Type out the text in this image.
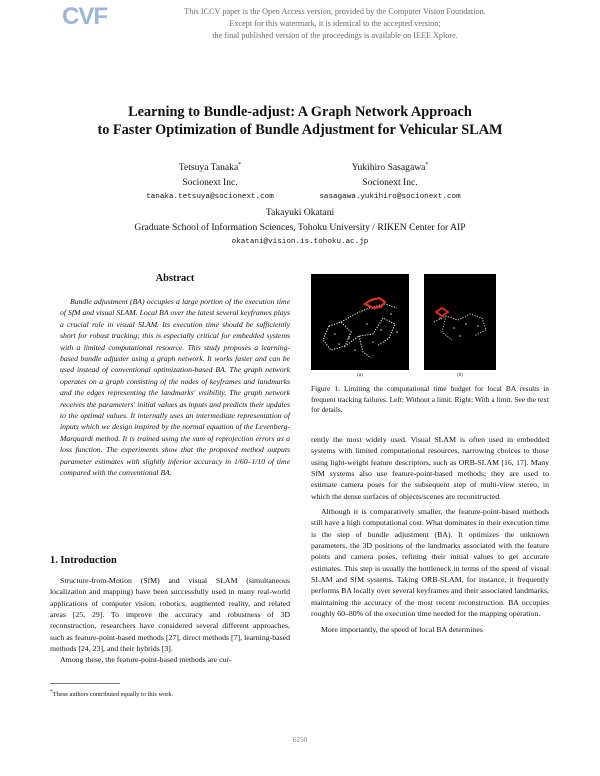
CVF	This ICCV paper is the Open Access version, provided by the Computer Vision Foundation.
Except for this watermark, it is identical to the accepted version;
the final published version of the proceedings is available on IEEE Xplore.
Learning to Bundle-adjust: A Graph Network Approach
to Faster Optimization of Bundle Adjustment for Vehicular SLAM
Tetsuya Tanaka*
Socionext Inc.
tanaka.tetsuya@socionext.com
Yukihiro Sasagawa*
Socionext Inc.
sasagawa.yukihiro@socionext.com
Takayuki Okatani
Graduate School of Information Sciences, Tohoku University / RIKEN Center for AIP
okatani@vision.is.tohoku.ac.jp
Abstract

Bundle adjustment (BA) occupies a large portion of the execution time of SfM and visual SLAM. Local BA over the latest several keyframes plays a crucial role in visual SLAM. Its execution time should be sufficiently short for robust tracking; this is especially critical for embedded systems with a limited computational resource. This study proposes a learning-based bundle adjuster using a graph network. It works faster and can be used instead of conventional optimization-based BA. The graph network operates on a graph consisting of the nodes of keyframes and landmarks and the edges representing the landmarks' visibility. The graph network receives the parameters' initial values as inputs and predicts their updates to the optimal values. It internally uses an intermediate representation of inputs which we design inspired by the normal equation of the Levenberg-Marquardt method. It is trained using the sum of reprojection errors as a loss function. The experiments show that the proposed method outputs parameter estimates with slightly inferior accuracy in 1/60–1/10 of time compared with the conventional BA.

1. Introduction

Structure-from-Motion (SfM) and visual SLAM (simultaneous localization and mapping) have been successfully used in many real-world applications of computer vision, robotics, augmented reality, and related areas [25, 29]. To improve the accuracy and robustness of 3D reconstruction, researchers have considered several different approaches, such as feature-point-based methods [27], direct methods [7], learning-based methods [24, 23], and their hybrids [3].

Among these, the feature-point-based methods are cur-

*These authors contributed equally to this work.
(a)	(b)
Figure 1. Limiting the computational time budget for local BA results in frequent tracking failures. Left: Without a limit. Right: With a limit. See the text for details.

rently the most widely used. Visual SLAM is often used in embedded systems with limited computational resources, narrowing choices to those using light-weight feature descriptors, such as ORB-SLAM [16, 17]. Many SfM systems also use feature-point-based methods; they are used to estimate camera poses for the subsequent step of multi-view stereo, in which the dense surfaces of objects/scenes are reconstructed.

Although it is comparatively smaller, the feature-point-based methods still have a high computational cost. What dominates in their execution time is the step of bundle adjustment (BA). It optimizes the unknown parameters, the 3D positions of the landmarks associated with the feature points and camera poses, refining their initial values to get accurate estimates. This step is usually the bottleneck in terms of the speed of visual SLAM and SfM systems. Taking ORB-SLAM, for instance, it frequently performs BA locally over several keyframes and their associated landmarks, maintaining the accuracy of the most recent reconstruction. BA occupies roughly 60–80% of the execution time needed for the mapping operation.

More importantly, the speed of local BA determines

6250
